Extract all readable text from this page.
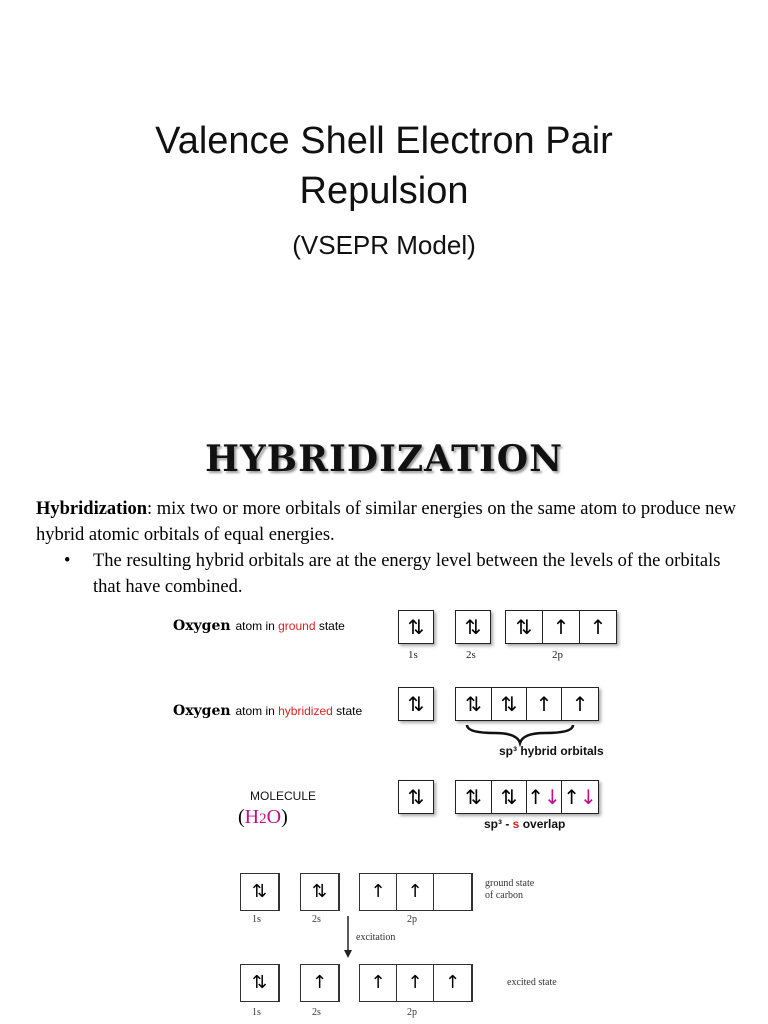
Valence Shell Electron Pair
Repulsion
(VSEPR Model)
HYBRIDIZATION
Hybridization: mix two or more orbitals of similar energies on the same atom to produce new hybrid atomic orbitals of equal energies.
• The resulting hybrid orbitals are at the energy level between the levels of the orbitals that have combined.
Oxygen atom in ground state	⇅	⇅	⇅	↑	↑
1s	2s	2p
Oxygen atom in hybridized state	⇅	⇅ ⇅ ↑ ↑
sp³ hybrid orbitals
MOLECULE
(H2O)
⇅	⇅ ⇅ ↑↓ ↑↓
sp³ - s overlap
⇅	⇅	↑	↑
1s	2s	2p
ground state
of carbon
excitation
⇅	↑	↑	↑	↑	excited state
1s	2s	2p
